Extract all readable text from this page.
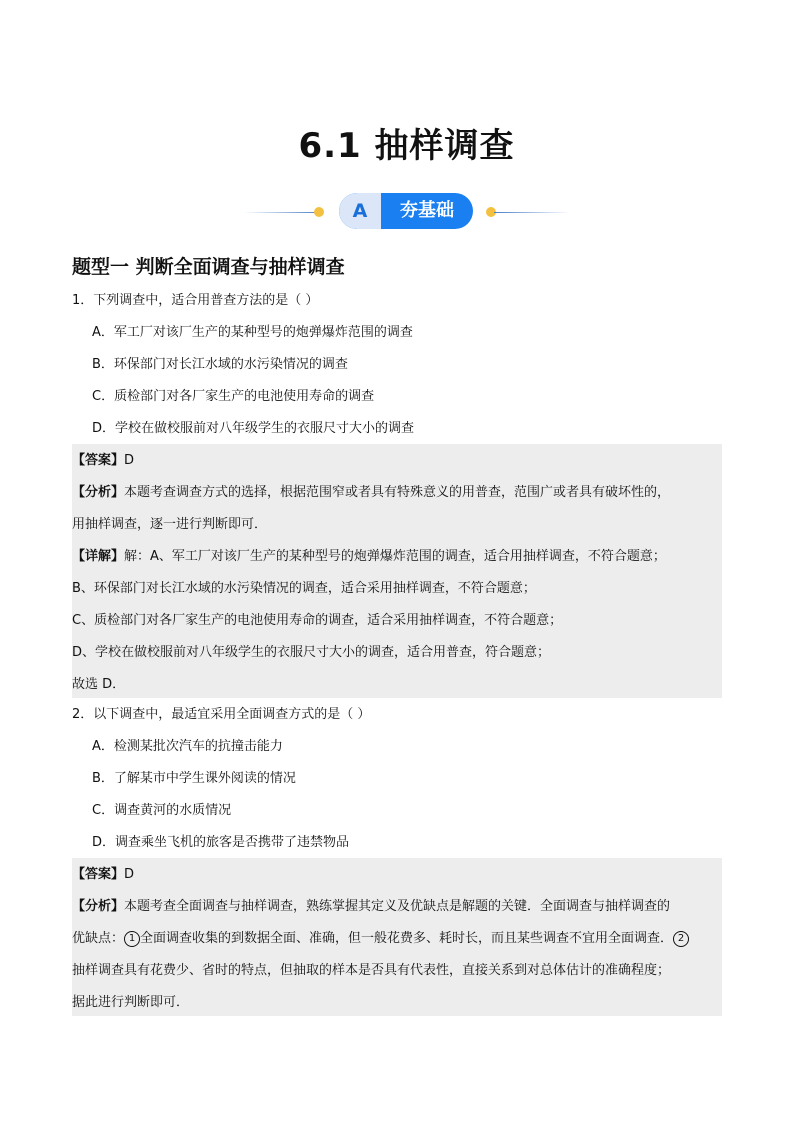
6.1 抽样调查
A	夯基础
题型一 判断全面调查与抽样调查
1．下列调查中，适合用普查方法的是（ ）
A．军工厂对该厂生产的某种型号的炮弹爆炸范围的调查
B．环保部门对长江水域的水污染情况的调查
C．质检部门对各厂家生产的电池使用寿命的调查
D．学校在做校服前对八年级学生的衣服尺寸大小的调查
【答案】D
【分析】本题考查调查方式的选择，根据范围窄或者具有特殊意义的用普查，范围广或者具有破坏性的，
用抽样调查，逐一进行判断即可．
【详解】解：A、军工厂对该厂生产的某种型号的炮弹爆炸范围的调查，适合用抽样调查，不符合题意；
B、环保部门对长江水域的水污染情况的调查，适合采用抽样调查，不符合题意；
C、质检部门对各厂家生产的电池使用寿命的调查，适合采用抽样调查，不符合题意；
D、学校在做校服前对八年级学生的衣服尺寸大小的调查，适合用普查，符合题意；
故选 D．
2．以下调查中，最适宜采用全面调查方式的是（ ）
A．检测某批次汽车的抗撞击能力
B．了解某市中学生课外阅读的情况
C．调查黄河的水质情况
D．调查乘坐飞机的旅客是否携带了违禁物品
【答案】D
【分析】本题考查全面调查与抽样调查，熟练掌握其定义及优缺点是解题的关键．全面调查与抽样调查的
优缺点： 1 全面调查收集的到数据全面、准确，但一般花费多、耗时长，而且某些调查不宜用全面调查． 2
抽样调查具有花费少、省时的特点，但抽取的样本是否具有代表性，直接关系到对总体估计的准确程度；
据此进行判断即可．
